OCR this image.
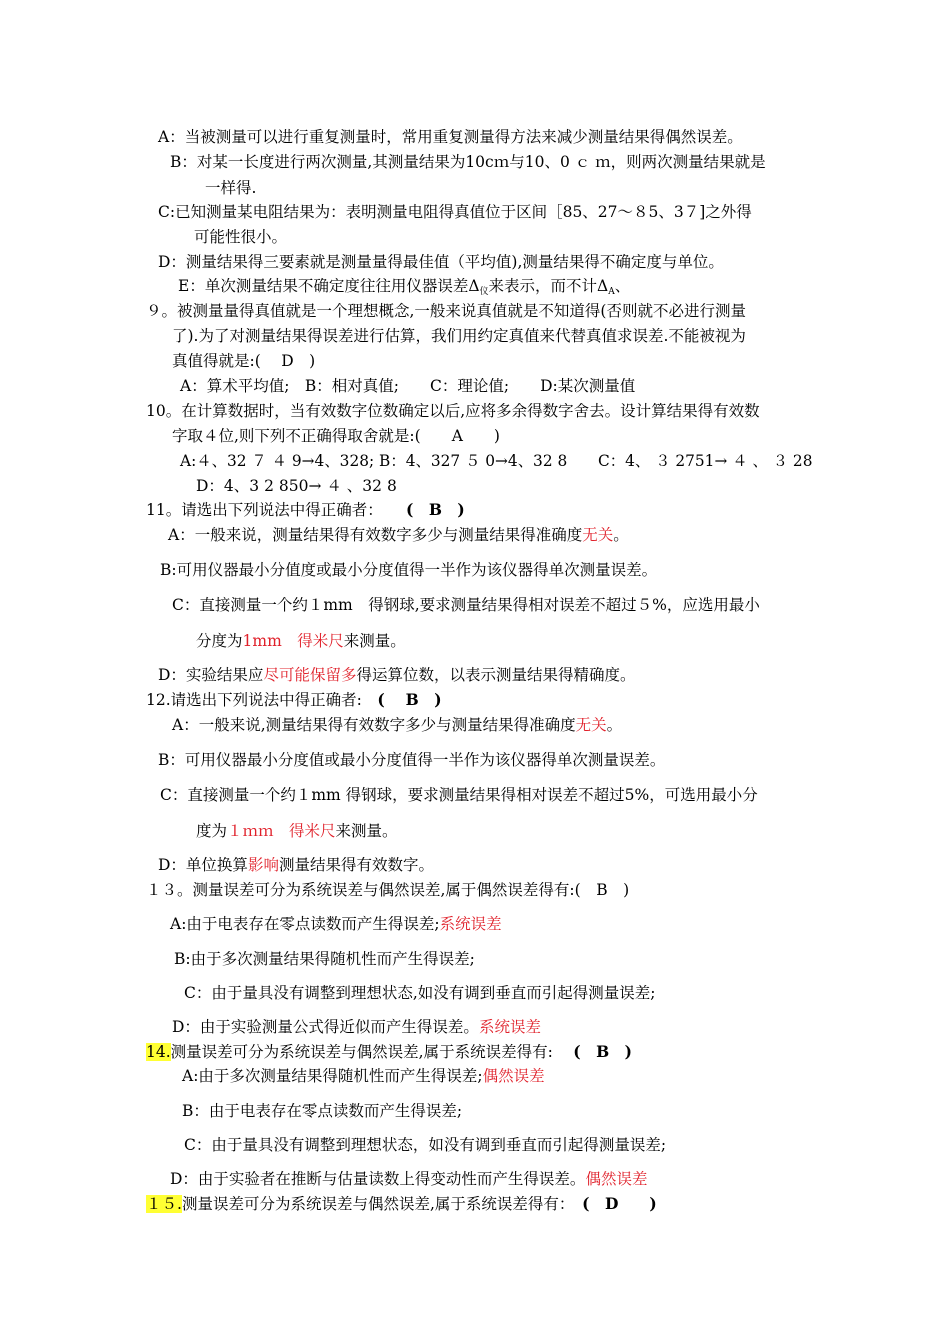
A：当被测量可以进行重复测量时，常用重复测量得方法来减少测量结果得偶然误差。
B：对某一长度进行两次测量,其测量结果为10cｍ与10、0 ｃ ｍ，则两次测量结果就是
一样得.
C:已知测量某电阻结果为：表明测量电阻得真值位于区间［85、27～８5、3７]之外得
可能性很小。
D：测量结果得三要素就是测量量得最佳值（平均值),测量结果得不确定度与单位。
E：单次测量结果不确定度往往用仪器误差$\Delta_仪$来表示，而不计$\Delta_A$、
９。被测量量得真值就是一个理想概念,一般来说真值就是不知道得(否则就不必进行测量
了).为了对测量结果得误差进行估算，我们用约定真值来代替真值求误差.不能被视为
真值得就是:(　 D　)
A：算术平均值;　B：相对真值;　　C：理论值;　　D:某次测量值
10。在计算数据时，当有效数字位数确定以后,应将多余得数字舍去。设计算结果得有效数
字取４位,则下列不正确得取舍就是:(　　A　　)
A:４、32 ７ ４ 9→4、328; B：4、327 ５ 0→4、32 8　　C：4、 ３ 2751→ ４ 、 ３ 28
D：4、3 2 850→ ４ 、32 8
11。请选出下列说法中得正确者：　　(　B　)
A：一般来说，测量结果得有效数字多少与测量结果得准确度无关。
B:可用仪器最小分值度或最小分度值得一半作为该仪器得单次测量误差。
C：直接测量一个约１mm　得钢球,要求测量结果得相对误差不超过５%，应选用最小
分度为1mm　得米尺来测量。
D：实验结果应尽可能保留多得运算位数，以表示测量结果得精确度。
12.请选出下列说法中得正确者:　(　 B　)
A：一般来说,测量结果得有效数字多少与测量结果得准确度无关。
B：可用仪器最小分度值或最小分度值得一半作为该仪器得单次测量误差。
C：直接测量一个约１mm 得钢球，要求测量结果得相对误差不超过5%，可选用最小分
度为１ｍｍ　得米尺来测量。
D：单位换算影响测量结果得有效数字。
１３。测量误差可分为系统误差与偶然误差,属于偶然误差得有:(　B　)
A:由于电表存在零点读数而产生得误差;系统误差
B:由于多次测量结果得随机性而产生得误差;
C：由于量具没有调整到理想状态,如没有调到垂直而引起得测量误差;
D：由于实验测量公式得近似而产生得误差。系统误差
14.测量误差可分为系统误差与偶然误差,属于系统误差得有:　 (　B　)
A:由于多次测量结果得随机性而产生得误差;偶然误差
B：由于电表存在零点读数而产生得误差;
C：由于量具没有调整到理想状态，如没有调到垂直而引起得测量误差;
D：由于实验者在推断与估量读数上得变动性而产生得误差。偶然误差
１５.测量误差可分为系统误差与偶然误差,属于系统误差得有：　(　D　　)
